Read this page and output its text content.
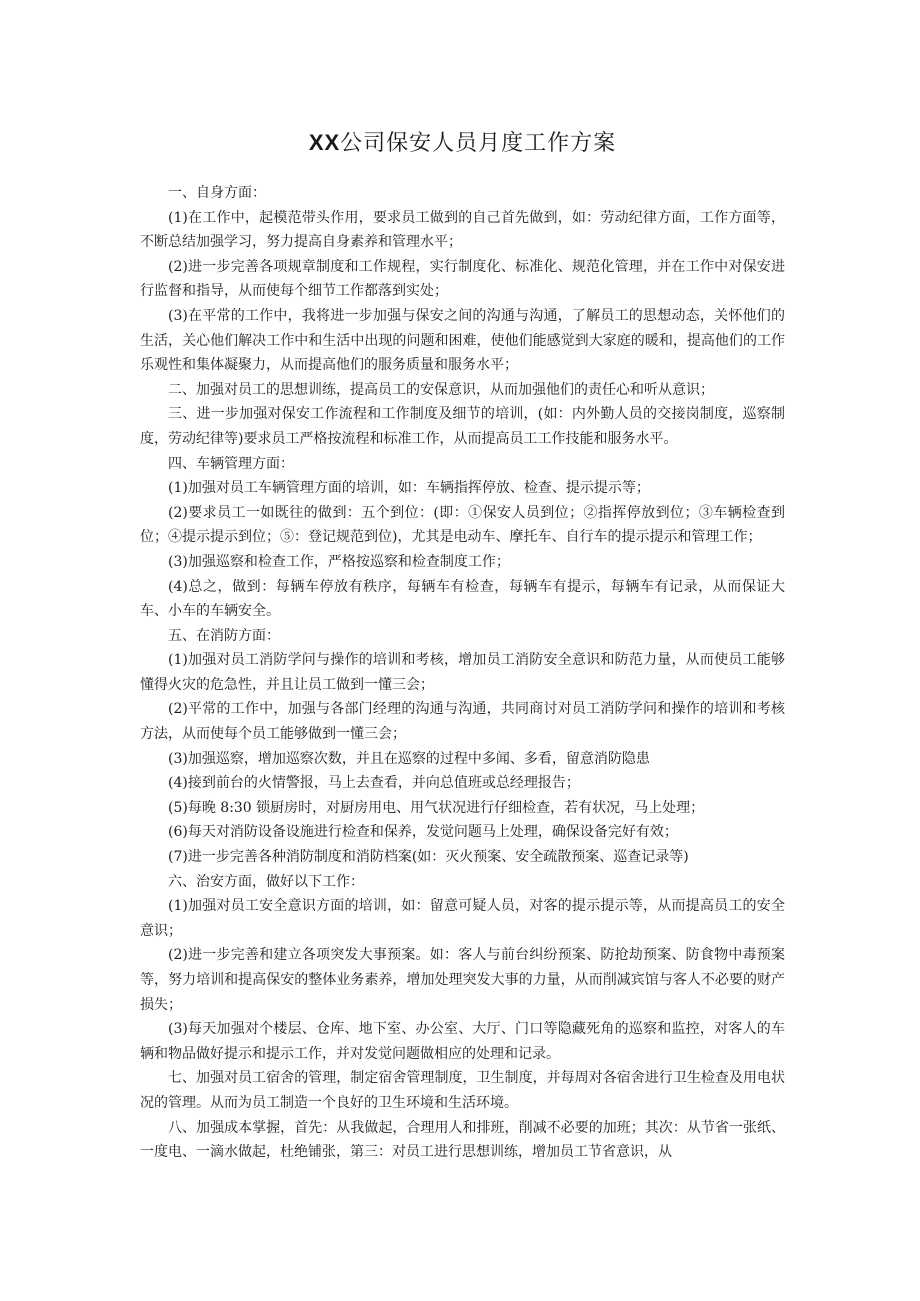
XX公司保安人员月度工作方案

一、自身方面：

(1)在工作中，起模范带头作用，要求员工做到的自己首先做到，如：劳动纪律方面，工作方面等，不断总结加强学习，努力提高自身素养和管理水平；

(2)进一步完善各项规章制度和工作规程，实行制度化、标准化、规范化管理，并在工作中对保安进行监督和指导，从而使每个细节工作都落到实处；

(3)在平常的工作中，我将进一步加强与保安之间的沟通与沟通，了解员工的思想动态，关怀他们的生活，关心他们解决工作中和生活中出现的问题和困难，使他们能感觉到大家庭的暖和，提高他们的工作乐观性和集体凝聚力，从而提高他们的服务质量和服务水平；

二、加强对员工的思想训练，提高员工的安保意识，从而加强他们的责任心和听从意识；

三、进一步加强对保安工作流程和工作制度及细节的培训，(如：内外勤人员的交接岗制度，巡察制度，劳动纪律等)要求员工严格按流程和标准工作，从而提高员工工作技能和服务水平。

四、车辆管理方面：

(1)加强对员工车辆管理方面的培训，如：车辆指挥停放、检查、提示提示等；

(2)要求员工一如既往的做到：五个到位：(即：①保安人员到位；②指挥停放到位；③车辆检查到位；④提示提示到位；⑤：登记规范到位)，尤其是电动车、摩托车、自行车的提示提示和管理工作；

(3)加强巡察和检查工作，严格按巡察和检查制度工作；

(4)总之，做到：每辆车停放有秩序，每辆车有检查，每辆车有提示，每辆车有记录，从而保证大车、小车的车辆安全。

五、在消防方面：

(1)加强对员工消防学问与操作的培训和考核，增加员工消防安全意识和防范力量，从而使员工能够懂得火灾的危急性，并且让员工做到一懂三会；

(2)平常的工作中，加强与各部门经理的沟通与沟通，共同商讨对员工消防学问和操作的培训和考核方法，从而使每个员工能够做到一懂三会；

(3)加强巡察，增加巡察次数，并且在巡察的过程中多闻、多看，留意消防隐患

(4)接到前台的火情警报，马上去查看，并向总值班或总经理报告；

(5)每晚 8:30 锁厨房时，对厨房用电、用气状况进行仔细检查，若有状况，马上处理；

(6)每天对消防设备设施进行检查和保养，发觉问题马上处理，确保设备完好有效；

(7)进一步完善各种消防制度和消防档案(如：灭火预案、安全疏散预案、巡查记录等)

六、治安方面，做好以下工作：

(1)加强对员工安全意识方面的培训，如：留意可疑人员，对客的提示提示等，从而提高员工的安全意识；

(2)进一步完善和建立各项突发大事预案。如：客人与前台纠纷预案、防抢劫预案、防食物中毒预案等，努力培训和提高保安的整体业务素养，增加处理突发大事的力量，从而削减宾馆与客人不必要的财产损失；

(3)每天加强对个楼层、仓库、地下室、办公室、大厅、门口等隐藏死角的巡察和监控，对客人的车辆和物品做好提示和提示工作，并对发觉问题做相应的处理和记录。

七、加强对员工宿舍的管理，制定宿舍管理制度，卫生制度，并每周对各宿舍进行卫生检查及用电状况的管理。从而为员工制造一个良好的卫生环境和生活环境。

八、加强成本掌握，首先：从我做起，合理用人和排班，削减不必要的加班；其次：从节省一张纸、一度电、一滴水做起，杜绝铺张，第三：对员工进行思想训练，增加员工节省意识，从
